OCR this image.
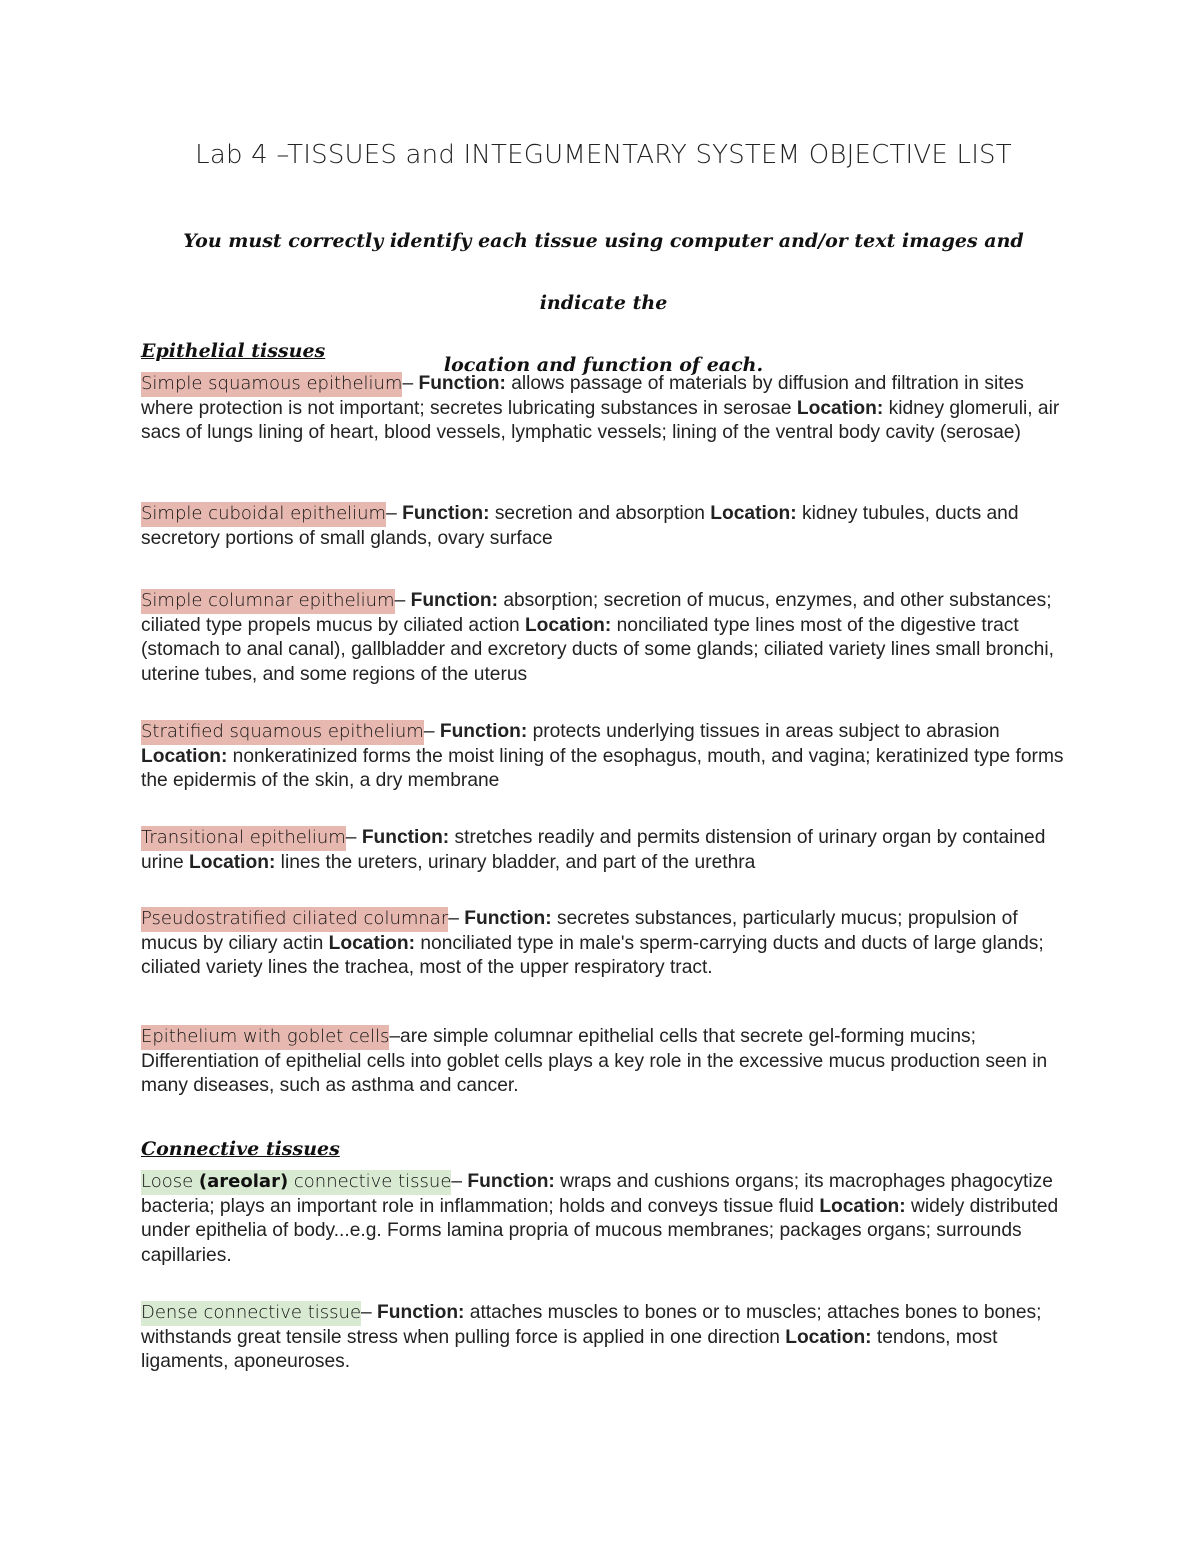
Lab 4 –TISSUES and INTEGUMENTARY SYSTEM OBJECTIVE LIST
You must correctly identify each tissue using computer and/or text images and indicate the
location and function of each.
Epithelial tissues
Simple squamous epithelium– Function: allows passage of materials by diffusion and filtration in sites where protection is not important; secretes lubricating substances in serosae Location: kidney glomeruli, air sacs of lungs lining of heart, blood vessels, lymphatic vessels; lining of the ventral body cavity (serosae)
Simple cuboidal epithelium– Function: secretion and absorption Location: kidney tubules, ducts and secretory portions of small glands, ovary surface
Simple columnar epithelium– Function: absorption; secretion of mucus, enzymes, and other substances; ciliated type propels mucus by ciliated action Location: nonciliated type lines most of the digestive tract (stomach to anal canal), gallbladder and excretory ducts of some glands; ciliated variety lines small bronchi, uterine tubes, and some regions of the uterus
Stratified squamous epithelium– Function: protects underlying tissues in areas subject to abrasion Location: nonkeratinized forms the moist lining of the esophagus, mouth, and vagina; keratinized type forms the epidermis of the skin, a dry membrane
Transitional epithelium– Function: stretches readily and permits distension of urinary organ by contained urine Location: lines the ureters, urinary bladder, and part of the urethra
Pseudostratified ciliated columnar– Function: secretes substances, particularly mucus; propulsion of mucus by ciliary actin Location: nonciliated type in male's sperm-carrying ducts and ducts of large glands; ciliated variety lines the trachea, most of the upper respiratory tract.
Epithelium with goblet cells–are simple columnar epithelial cells that secrete gel-forming mucins; Differentiation of epithelial cells into goblet cells plays a key role in the excessive mucus production seen in many diseases, such as asthma and cancer.
Connective tissues
Loose (areolar) connective tissue– Function: wraps and cushions organs; its macrophages phagocytize bacteria; plays an important role in inflammation; holds and conveys tissue fluid Location: widely distributed under epithelia of body...e.g. Forms lamina propria of mucous membranes; packages organs; surrounds capillaries.
Dense connective tissue– Function: attaches muscles to bones or to muscles; attaches bones to bones; withstands great tensile stress when pulling force is applied in one direction Location: tendons, most ligaments, aponeuroses.
